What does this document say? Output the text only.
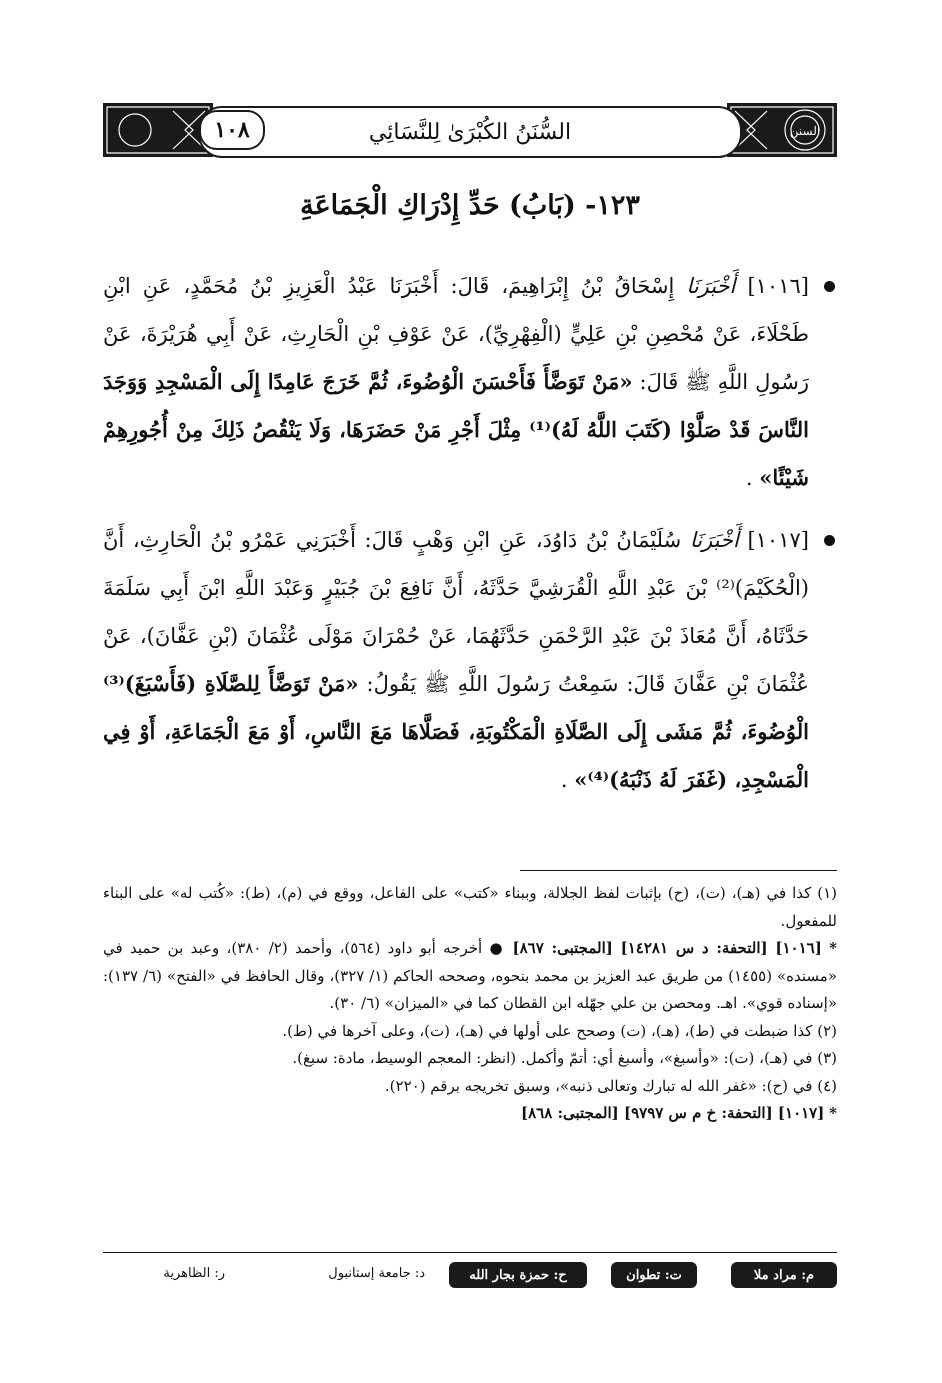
السنن
السُّنَنُ الكُبْرَىٰ لِلنَّسَائِي
١٠٨
١٢٣- (بَابُ) حَدِّ إِدْرَاكِ الْجَمَاعَةِ

[١٠١٦] أَخْبَرَنَا إِسْحَاقُ بْنُ إِبْرَاهِيمَ، قَالَ: أَخْبَرَنَا عَبْدُ الْعَزِيزِ بْنُ مُحَمَّدٍ، عَنِ ابْنِ طَحْلَاءَ، عَنْ مُحْصِنِ بْنِ عَلِيٍّ (الْفِهْرِيِّ)، عَنْ عَوْفِ بْنِ الْحَارِثِ، عَنْ أَبِي هُرَيْرَةَ، عَنْ رَسُولِ اللَّهِ ﷺ قَالَ: «مَنْ تَوَضَّأَ فَأَحْسَنَ الْوُضُوءَ، ثُمَّ خَرَجَ عَامِدًا إِلَى الْمَسْجِدِ وَوَجَدَ النَّاسَ قَدْ صَلَّوْا (كَتَبَ اللَّهُ لَهُ)⁽¹⁾ مِثْلَ أَجْرِ مَنْ حَضَرَهَا، وَلَا يَنْقُصُ ذَلِكَ مِنْ أُجُورِهِمْ شَيْئًا» .

[١٠١٧] أَخْبَرَنَا سُلَيْمَانُ بْنُ دَاوُدَ، عَنِ ابْنِ وَهْبٍ قَالَ: أَخْبَرَنِي عَمْرُو بْنُ الْحَارِثِ، أَنَّ (الْحُكَيْمَ)⁽²⁾ بْنَ عَبْدِ اللَّهِ الْقُرَشِيَّ حَدَّثَهُ، أَنَّ نَافِعَ بْنَ جُبَيْرٍ وَعَبْدَ اللَّهِ ابْنَ أَبِي سَلَمَةَ حَدَّثَاهُ، أَنَّ مُعَاذَ بْنَ عَبْدِ الرَّحْمَنِ حَدَّثَهُمَا، عَنْ حُمْرَانَ مَوْلَى عُثْمَانَ (بْنِ عَفَّانَ)، عَنْ عُثْمَانَ بْنِ عَفَّانَ قَالَ: سَمِعْتُ رَسُولَ اللَّهِ ﷺ يَقُولُ: «مَنْ تَوَضَّأَ لِلصَّلَاةِ (فَأَسْبَغَ)⁽³⁾ الْوُضُوءَ، ثُمَّ مَشَى إِلَى الصَّلَاةِ الْمَكْتُوبَةِ، فَصَلَّاهَا مَعَ النَّاسِ، أَوْ مَعَ الْجَمَاعَةِ، أَوْ فِي الْمَسْجِدِ، (غَفَرَ لَهُ ذَنْبَهُ)⁽⁴⁾» .

(١) كذا في (هـ)، (ت)، (ح) بإثبات لفظ الجلالة، وببناء «كتب» على الفاعل، ووقع في (م)، (ط): «كُتب له» على البناء للمفعول.

* [١٠١٦] [التحفة: د س ١٤٢٨١] [المجتبى: ٨٦٧] ● أخرجه أبو داود (٥٦٤)، وأحمد (٢/ ٣٨٠)، وعبد بن حميد في «مسنده» (١٤٥٥) من طريق عبد العزيز بن محمد بنحوه، وصححه الحاكم (١/ ٣٢٧)، وقال الحافظ في «الفتح» (٦/ ١٣٧): «إسناده قوي». اهـ. ومحصن بن علي جهّله ابن القطان كما في «الميزان» (٦/ ٣٠).

(٢) كذا ضبطت في (ط)، (هـ)، (ت) وصحح على أولها في (هـ)، (ت)، وعلى آخرها في (ط).

(٣) في (هـ)، (ت): «وأسبغ»، وأسبغ أي: أتمّ وأكمل. (انظر: المعجم الوسيط، مادة: سبغ).

(٤) في (ح): «غفر الله له تبارك وتعالى ذنبه»، وسبق تخريجه برقم (٢٢٠).

* [١٠١٧] [التحفة: خ م س ٩٧٩٧] [المجتبى: ٨٦٨]

م: مراد ملا
ت: تطوان
ح: حمزة بجار الله
د: جامعة إستانبول
ر: الظاهرية
